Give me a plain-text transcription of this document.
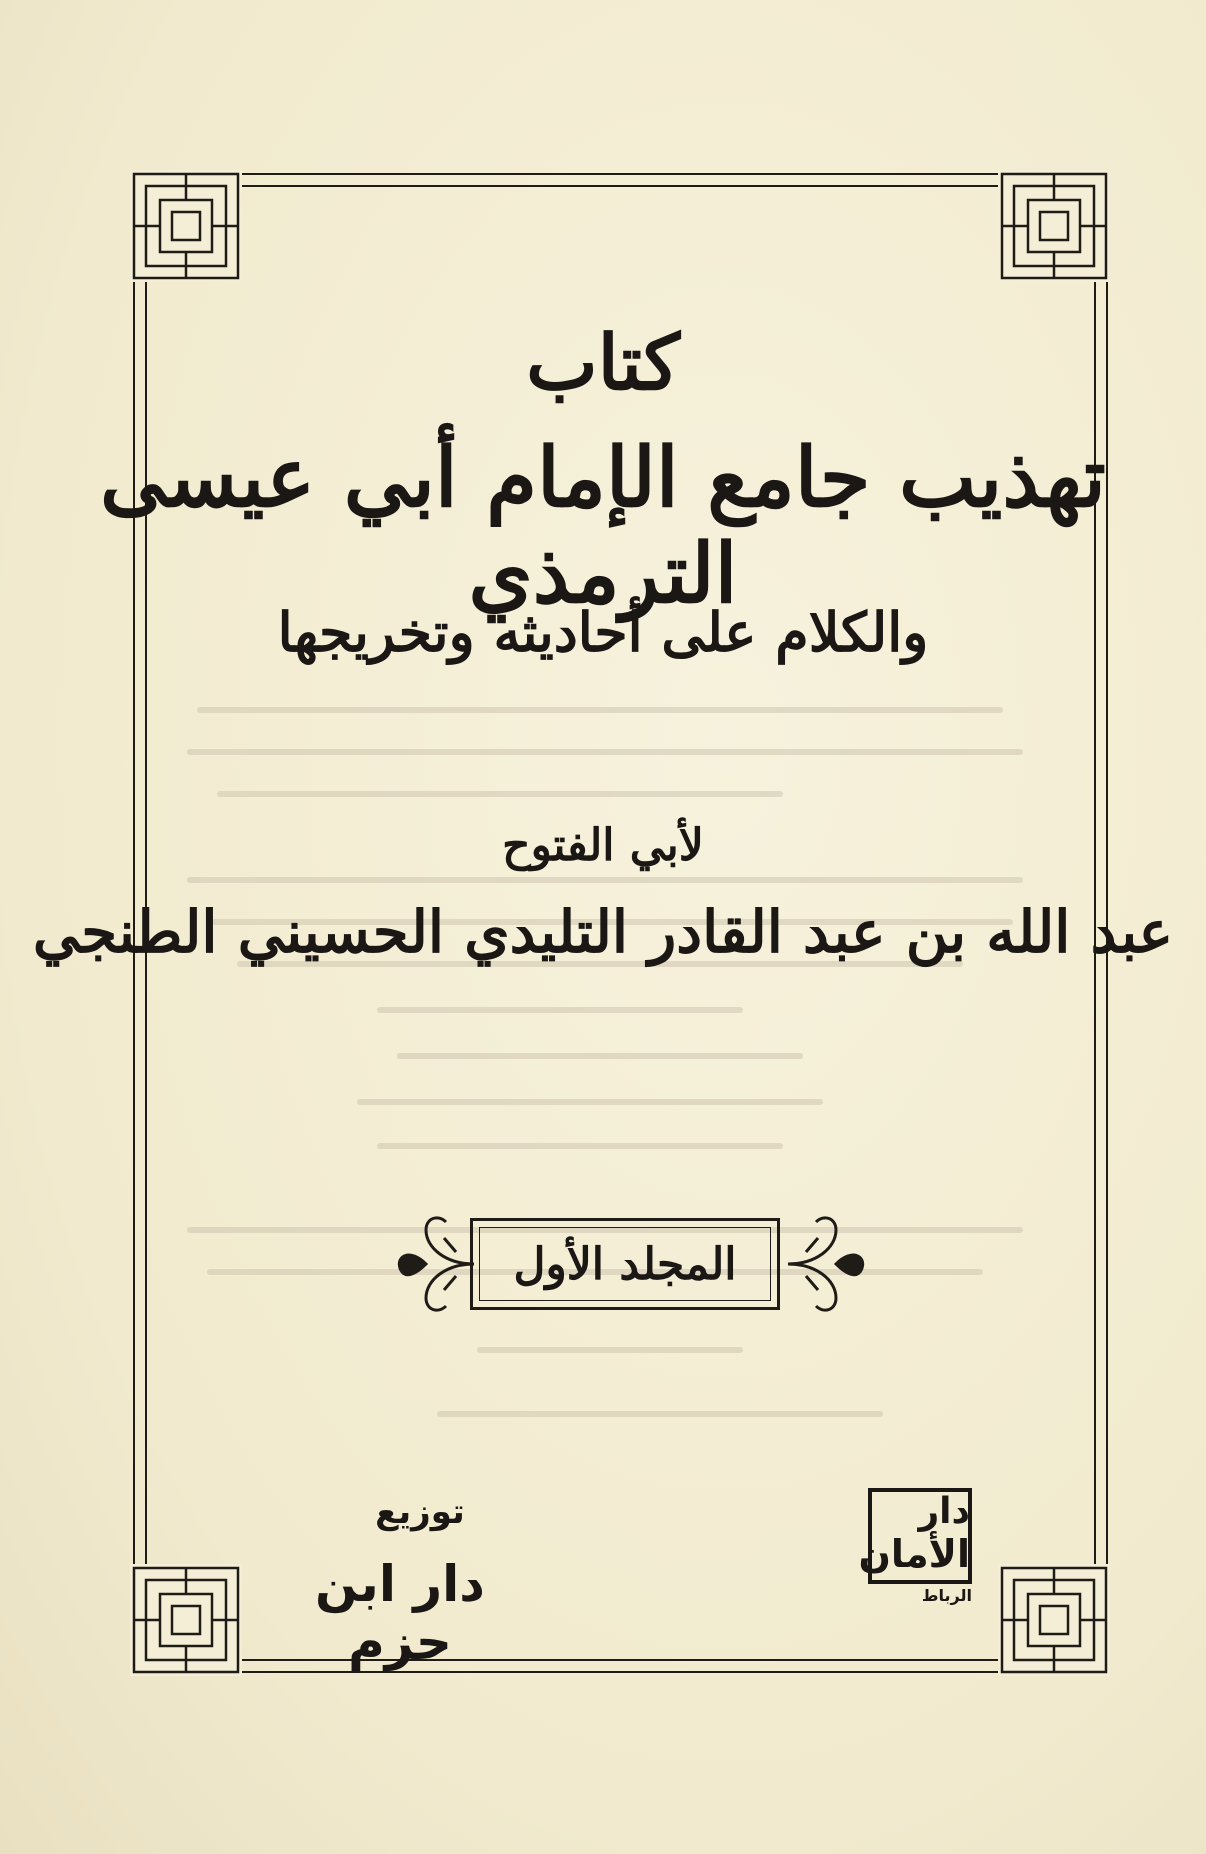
كتاب
تهذيب جامع الإمام أبي عيسى الترمذي
والكلام على أحاديثه وتخريجها
لأبي الفتوح
عبد الله بن عبد القادر التليدي الحسيني الطنجي
المجلد الأول
توزيع
دار ابن حزم
دار
الأمان
الرباط
